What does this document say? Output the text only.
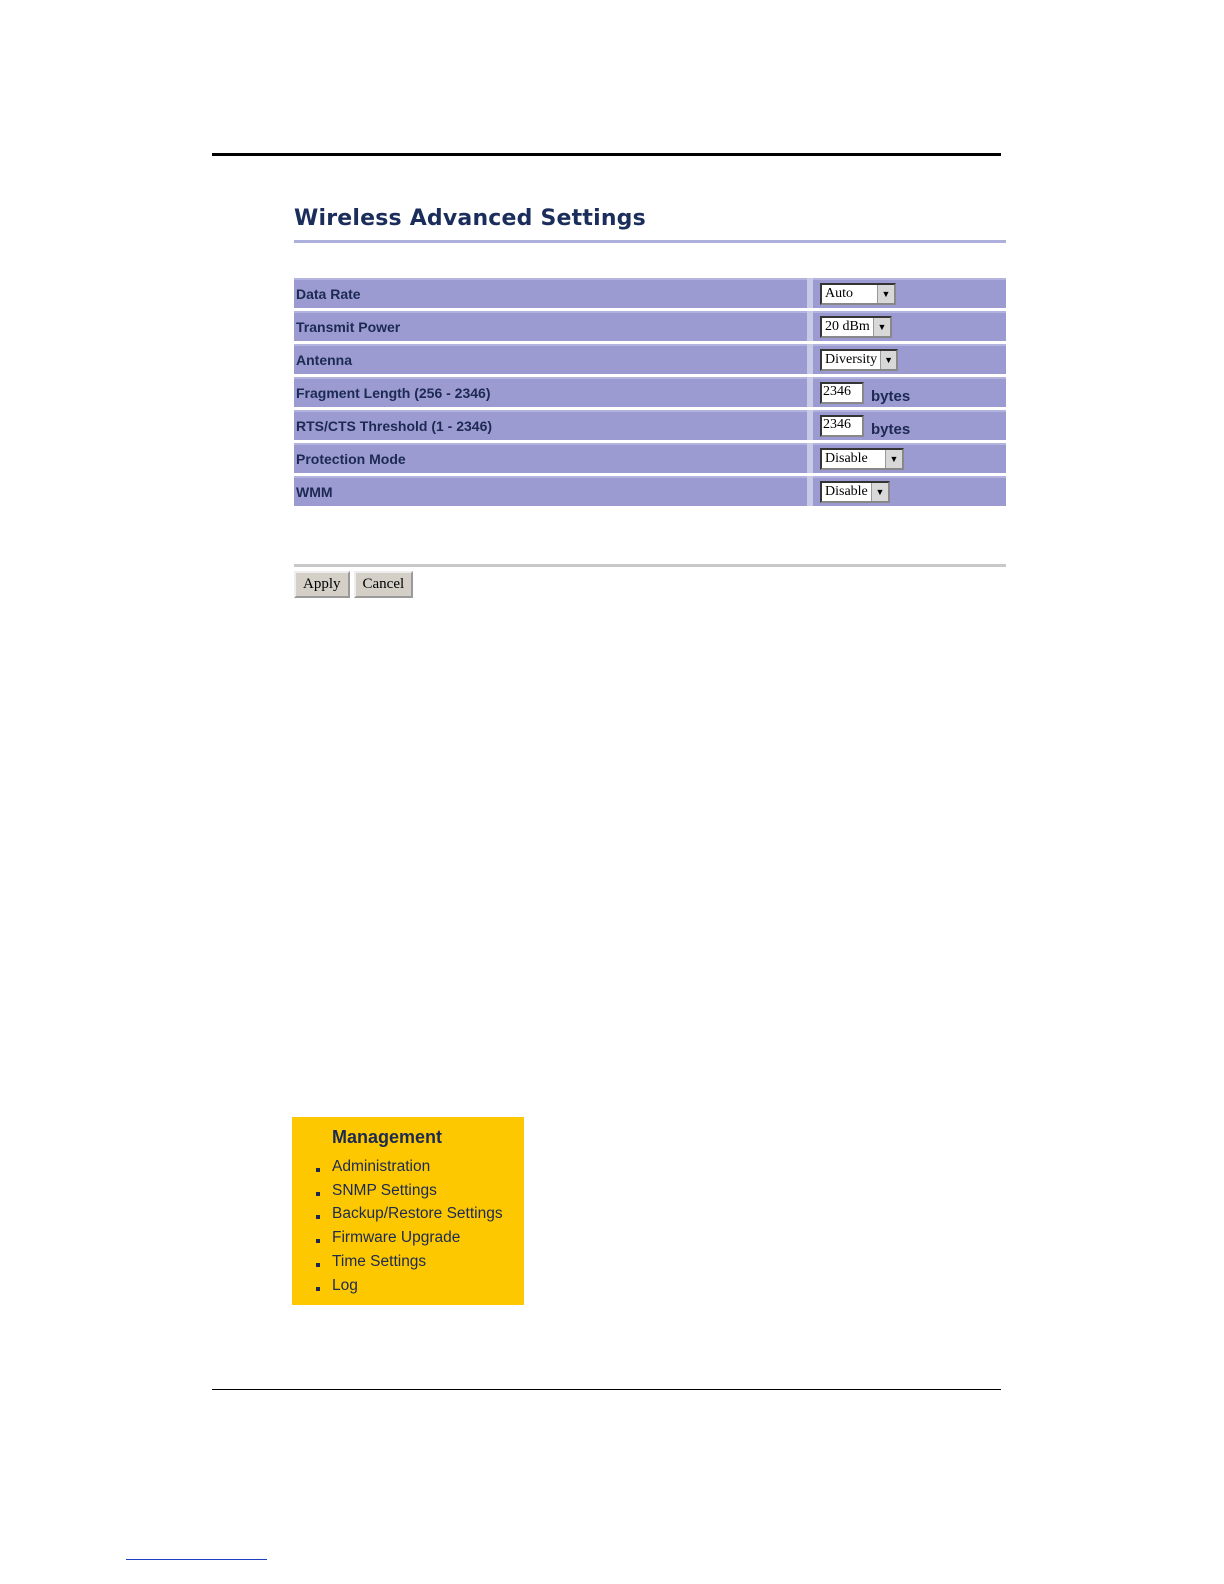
Wireless Advanced Settings
Data Rate	Auto	▼
Transmit Power	20 dBm ▼
Antenna	Diversity ▼
Fragment Length (256 - 2346)	2346	bytes
RTS/CTS Threshold (1 - 2346)	2346	bytes
Protection Mode	Disable	▼
WMM	Disable ▼
Apply	Cancel
Management
Administration
SNMP Settings
Backup/Restore Settings
Firmware Upgrade
Time Settings
Log
